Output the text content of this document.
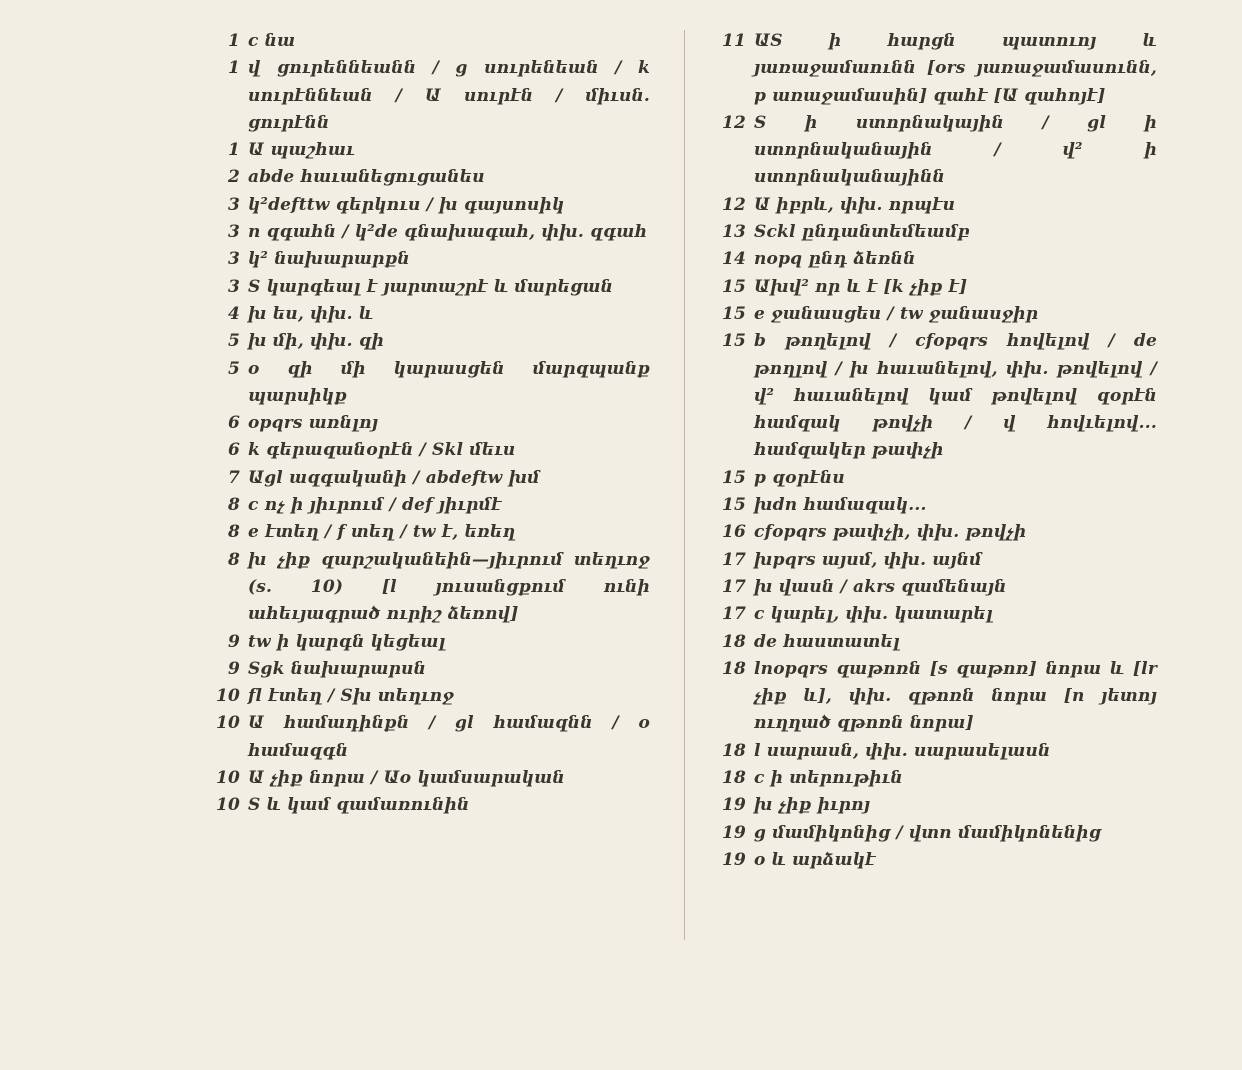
1 c նա
1 վ ցուրեննեանն / g սուրենեան / k սուրէննեան / Ա սուրէն / միւսն. ցուրէնն
1 Ա պաշհաւ
2 abde հաւանեցուցանես
3 կ²defttw գերկուս / խ գայսոսիկ
3 n զգահն / կ²de գնախագահ, փխ. զգահ
3 կ² նախարարքն
3 S կարգեալ է յարտաշրէ և մարեցան
4 խ ես, փխ. և
5 խ մի, փխ. զի
5 o զի մի կարասցեն մարզպանք պարսիկք
6 opqrs առնլոյ
6 k գերազանօրէն / Skl մեւս
7 Աgl ազգականի / abdeftw խմ
8 c ոչ ի յիւրում / def յիւրմէ
8 e էտեղ / f տեղ / tw է, եռեղ
8 խ չիք զարշականեին—յիւրում տեղւոջ (s. 10) [l յուսանցքում ունի ահեւյագրած ուրիշ ձեռով]
9 tw ի կարգն կեցեալ
9 Sgk նախարարսն
10 fl էտեղ / Sխ տեղւոջ
10 Ա համադինքն / gl համազնն / o համազգն
10 Ա չիք նորա / Աo կամսարական
10 S և կամ զամառունին
11 ԱS ի հարցն պատուոյ և յառաջամաունն [ors յառաջամասունն, p առաջամասին] զահէ [Ա զահոյէ]
12 S ի ստորնակային / gl ի ստորնականային / վ² ի ստորնականայինն
12 Ա իբրև, փխ. որպէս
13 Sckl ընդանտեմեամբ
14 nopq ընդ ձեռնն
15 Ախվ² որ և է [k չիք է]
15 e ջանասցես / tw ջանասջիր
15 b թողելով / cfopqrs հովելով / de թողլով / խ հաւանելով, փխ. թովելով / վ² հաւանելով կամ թովելով զօրէն համզակ թովչի / վ հովւելով... համզակեր թափչի
15 p զօրէնս
15 խdn համազակ...
16 cfopqrs թափչի, փխ. թովչի
17 խpqrs այսմ, փխ. այնմ
17 խ վասն / akrs զամենայն
17 c կարել, փխ. կատարել
18 de հաստատել
18 lnopqrs զաթոռն [s զաթոռ] նորա և [lr չիք և], փխ. զթոռն նորա [n յետոյ ուղղած զթոռն նորա]
18 l սարասն, փխ. սարասելասն
18 c ի տերութիւն
19 խ չիք իւրոյ
19 g մամիկոնից / վտn մամիկոնենից
19 o և արձակէ
